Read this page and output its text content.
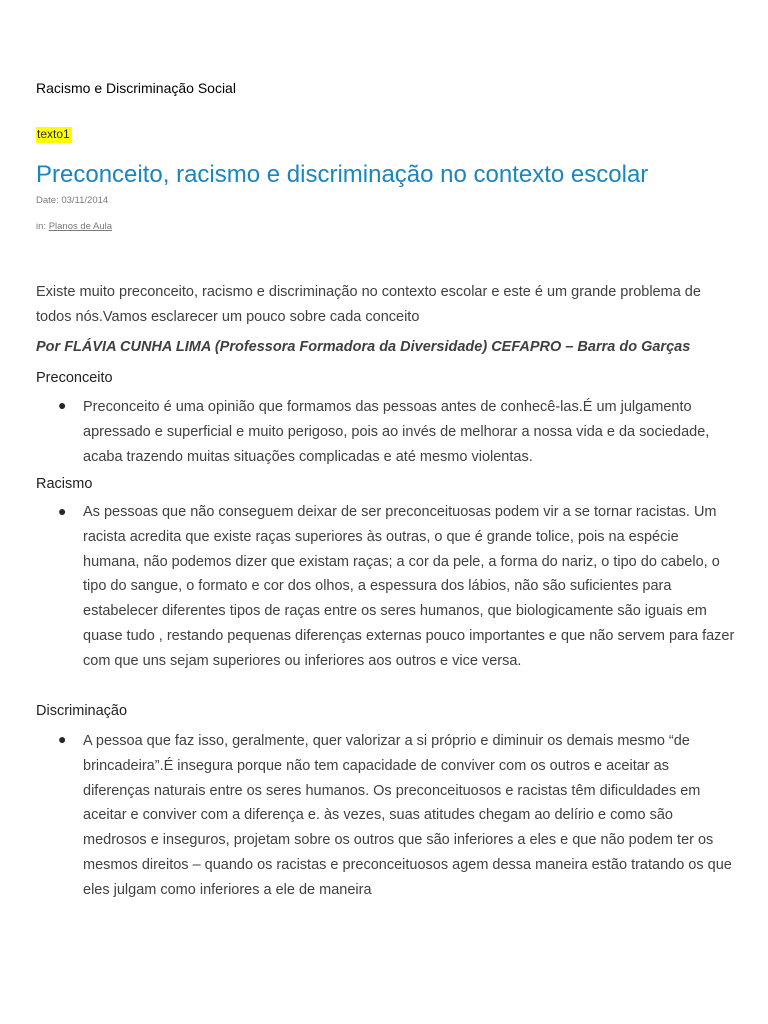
Racismo e Discriminação Social
texto1
Preconceito, racismo e discriminação no contexto escolar
Date: 03/11/2014
in: Planos de Aula

Existe muito preconceito, racismo e discriminação no contexto escolar e este é um grande problema de todos nós.Vamos esclarecer um pouco sobre cada conceito

Por FLÁVIA CUNHA LIMA (Professora Formadora da Diversidade) CEFAPRO – Barra do Garças
Preconceito
● Preconceito é uma opinião que formamos das pessoas antes de conhecê-las.É um julgamento apressado e superficial e muito perigoso, pois ao invés de melhorar a nossa vida e da sociedade, acaba trazendo muitas situações complicadas e até mesmo violentas.

Racismo
● As pessoas que não conseguem deixar de ser preconceituosas podem vir a se tornar racistas. Um racista acredita que existe raças superiores às outras, o que é grande tolice, pois na espécie humana, não podemos dizer que existam raças; a cor da pele, a forma do nariz, o tipo do cabelo, o tipo do sangue, o formato e cor dos olhos, a espessura dos lábios, não são suficientes para estabelecer diferentes tipos de raças entre os seres humanos, que biologicamente são iguais em quase tudo , restando pequenas diferenças externas pouco importantes e que não servem para fazer com que uns sejam superiores ou inferiores aos outros e vice versa.

Discriminação
● A pessoa que faz isso, geralmente, quer valorizar a si próprio e diminuir os demais mesmo “de brincadeira”.É insegura porque não tem capacidade de conviver com os outros e aceitar as diferenças naturais entre os seres humanos. Os preconceituosos e racistas têm dificuldades em aceitar e conviver com a diferença e. às vezes, suas atitudes chegam ao delírio e como são medrosos e inseguros, projetam sobre os outros que são inferiores a eles e que não podem ter os mesmos direitos – quando os racistas e preconceituosos agem dessa maneira estão tratando os que eles julgam como inferiores a ele de maneira
